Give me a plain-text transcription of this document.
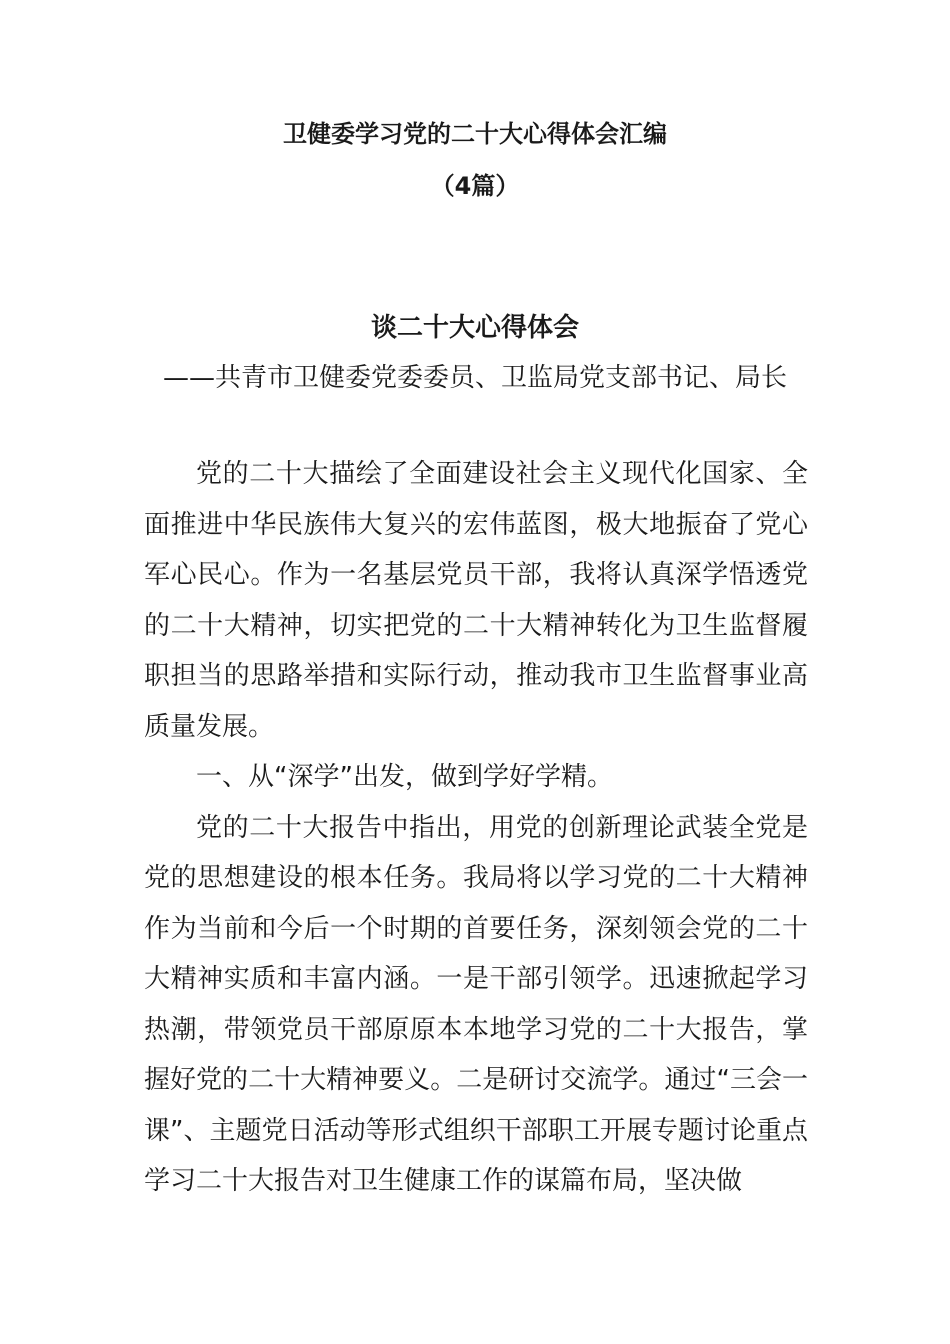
卫健委学习党的二十大心得体会汇编
（4篇）
谈二十大心得体会
——共青市卫健委党委委员、卫监局党支部书记、局长

党的二十大描绘了全面建设社会主义现代化国家、全面推进中华民族伟大复兴的宏伟蓝图，极大地振奋了党心军心民心。作为一名基层党员干部，我将认真深学悟透党的二十大精神，切实把党的二十大精神转化为卫生监督履职担当的思路举措和实际行动，推动我市卫生监督事业高质量发展。

一、从“深学”出发，做到学好学精。

党的二十大报告中指出，用党的创新理论武装全党是党的思想建设的根本任务。我局将以学习党的二十大精神作为当前和今后一个时期的首要任务，深刻领会党的二十大精神实质和丰富内涵。一是干部引领学。迅速掀起学习热潮，带领党员干部原原本本地学习党的二十大报告，掌握好党的二十大精神要义。二是研讨交流学。通过“三会一课”、主题党日活动等形式组织干部职工开展专题讨论重点学习二十大报告对卫生健康工作的谋篇布局，坚决做
